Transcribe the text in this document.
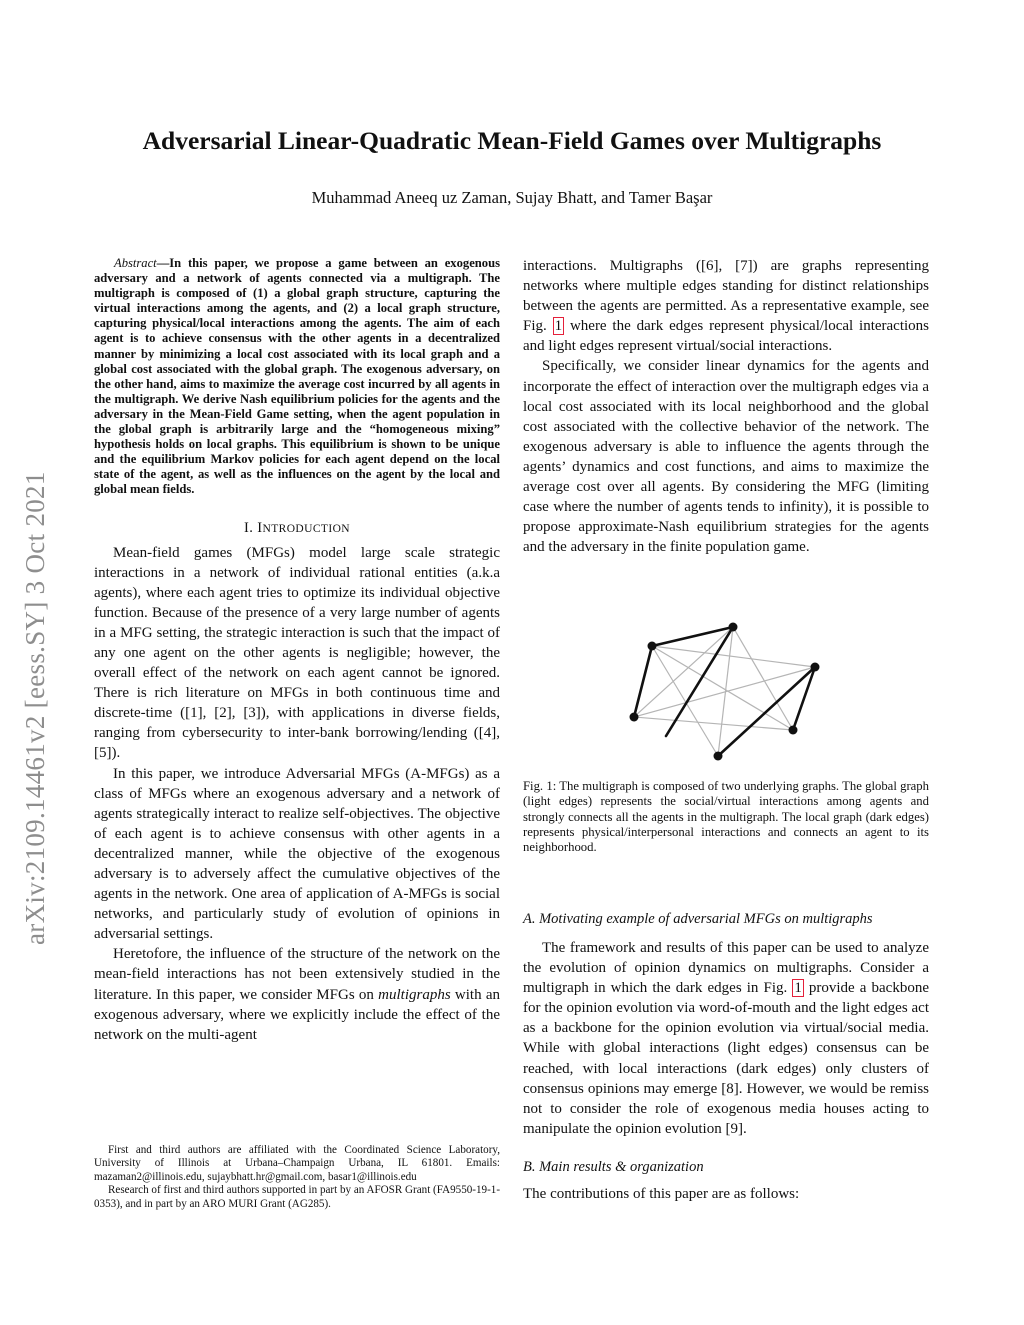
arXiv:2109.14461v2 [eess.SY] 3 Oct 2021
Adversarial Linear-Quadratic Mean-Field Games over Multigraphs
Muhammad Aneeq uz Zaman, Sujay Bhatt, and Tamer Başar

Abstract—In this paper, we propose a game between an exogenous adversary and a network of agents connected via a multigraph. The multigraph is composed of (1) a global graph structure, capturing the virtual interactions among the agents, and (2) a local graph structure, capturing physical/local interactions among the agents. The aim of each agent is to achieve consensus with the other agents in a decentralized manner by minimizing a local cost associated with its local graph and a global cost associated with the global graph. The exogenous adversary, on the other hand, aims to maximize the average cost incurred by all agents in the multigraph. We derive Nash equilibrium policies for the agents and the adversary in the Mean-Field Game setting, when the agent population in the global graph is arbitrarily large and the “homogeneous mixing” hypothesis holds on local graphs. This equilibrium is shown to be unique and the equilibrium Markov policies for each agent depend on the local state of the agent, as well as the influences on the agent by the local and global mean fields.

I. INTRODUCTION

Mean-field games (MFGs) model large scale strategic interactions in a network of individual rational entities (a.k.a agents), where each agent tries to optimize its individual objective function. Because of the presence of a very large number of agents in a MFG setting, the strategic interaction is such that the impact of any one agent on the other agents is negligible; however, the overall effect of the network on each agent cannot be ignored. There is rich literature on MFGs in both continuous time and discrete-time ([1], [2], [3]), with applications in diverse fields, ranging from cybersecurity to inter-bank borrowing/lending ([4], [5]).

In this paper, we introduce Adversarial MFGs (A-MFGs) as a class of MFGs where an exogenous adversary and a network of agents strategically interact to realize self-objectives. The objective of each agent is to achieve consensus with other agents in a decentralized manner, while the objective of the exogenous adversary is to adversely affect the cumulative objectives of the agents in the network. One area of application of A-MFGs is social networks, and particularly study of evolution of opinions in adversarial settings.

Heretofore, the influence of the structure of the network on the mean-field interactions has not been extensively studied in the literature. In this paper, we consider MFGs on multigraphs with an exogenous adversary, where we explicitly include the effect of the network on the multi-agent

First and third authors are affiliated with the Coordinated Science Laboratory, University of Illinois at Urbana–Champaign Urbana, IL 61801. Emails: mazaman2@illinois.edu, sujaybhatt.hr@gmail.com, basar1@illinois.edu

Research of first and third authors supported in part by an AFOSR Grant (FA9550-19-1-0353), and in part by an ARO MURI Grant (AG285).

interactions. Multigraphs ([6], [7]) are graphs representing networks where multiple edges standing for distinct relationships between the agents are permitted. As a representative example, see Fig. 1 where the dark edges represent physical/local interactions and light edges represent virtual/social interactions.

Specifically, we consider linear dynamics for the agents and incorporate the effect of interaction over the multigraph edges via a local cost associated with its local neighborhood and the global cost associated with the collective behavior of the network. The exogenous adversary is able to influence the agents through the agents’ dynamics and cost functions, and aims to maximize the average cost over all agents. By considering the MFG (limiting case where the number of agents tends to infinity), it is possible to propose approximate-Nash equilibrium strategies for the agents and the adversary in the finite population game.

Fig. 1: The multigraph is composed of two underlying graphs. The global graph (light edges) represents the social/virtual interactions among agents and strongly connects all the agents in the multigraph. The local graph (dark edges) represents physical/interpersonal interactions and connects an agent to its neighborhood.

A. Motivating example of adversarial MFGs on multigraphs

The framework and results of this paper can be used to analyze the evolution of opinion dynamics on multigraphs. Consider a multigraph in which the dark edges in Fig. 1 provide a backbone for the opinion evolution via word-of-mouth and the light edges act as a backbone for the opinion evolution via virtual/social media. While with global interactions (light edges) consensus can be reached, with local interactions (dark edges) only clusters of consensus opinions may emerge [8]. However, we would be remiss not to consider the role of exogenous media houses acting to manipulate the opinion evolution [9].

B. Main results & organization

The contributions of this paper are as follows:
